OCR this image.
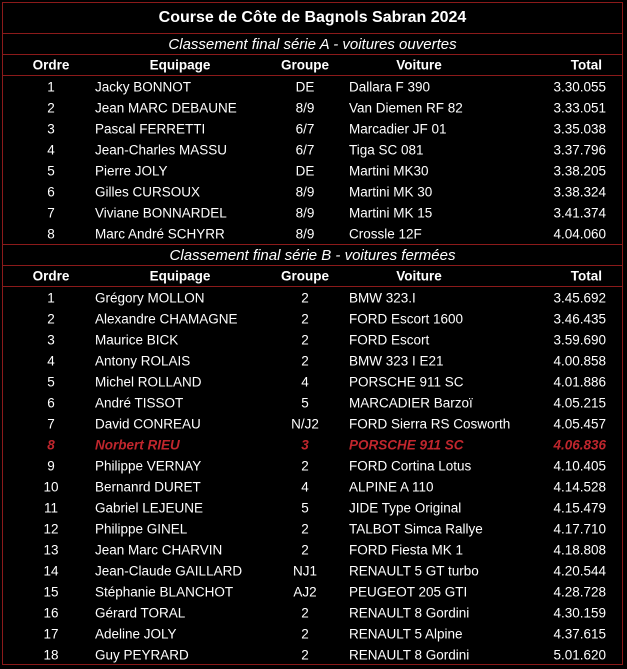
Course de Côte de Bagnols Sabran 2024
Classement final série A - voitures ouvertes
Ordre	Equipage	Groupe	Voiture	Total
1	Jacky BONNOT	DE	Dallara F 390	3.30.055
2	Jean MARC DEBAUNE	8/9	Van Diemen RF 82	3.33.051
3	Pascal FERRETTI	6/7	Marcadier JF 01	3.35.038
4	Jean-Charles MASSU	6/7	Tiga SC 081	3.37.796
5	Pierre JOLY	DE	Martini MK30	3.38.205
6	Gilles CURSOUX	8/9	Martini MK 30	3.38.324
7	Viviane BONNARDEL	8/9	Martini MK 15	3.41.374
8	Marc André SCHYRR	8/9	Crossle 12F	4.04.060
Classement final série B - voitures fermées
Ordre	Equipage	Groupe	Voiture	Total
1	Grégory MOLLON	2	BMW 323.I	3.45.692
2	Alexandre CHAMAGNE	2	FORD Escort 1600	3.46.435
3	Maurice BICK	2	FORD Escort	3.59.690
4	Antony ROLAIS	2	BMW 323 I E21	4.00.858
5	Michel ROLLAND	4	PORSCHE 911 SC	4.01.886
6	André TISSOT	5	MARCADIER Barzoï	4.05.215
7	David CONREAU	N/J2	FORD Sierra RS Cosworth	4.05.457
8	Norbert RIEU	3	PORSCHE 911 SC	4.06.836
9	Philippe VERNAY	2	FORD Cortina Lotus	4.10.405
10	Bernanrd DURET	4	ALPINE A 110	4.14.528
11	Gabriel LEJEUNE	5	JIDE Type Original	4.15.479
12	Philippe GINEL	2	TALBOT Simca Rallye	4.17.710
13	Jean Marc CHARVIN	2	FORD Fiesta MK 1	4.18.808
14	Jean-Claude GAILLARD	NJ1	RENAULT 5 GT turbo	4.20.544
15	Stéphanie BLANCHOT	AJ2	PEUGEOT 205 GTI	4.28.728
16	Gérard TORAL	2	RENAULT 8 Gordini	4.30.159
17	Adeline JOLY	2	RENAULT 5 Alpine	4.37.615
18	Guy PEYRARD	2	RENAULT 8 Gordini	5.01.620
